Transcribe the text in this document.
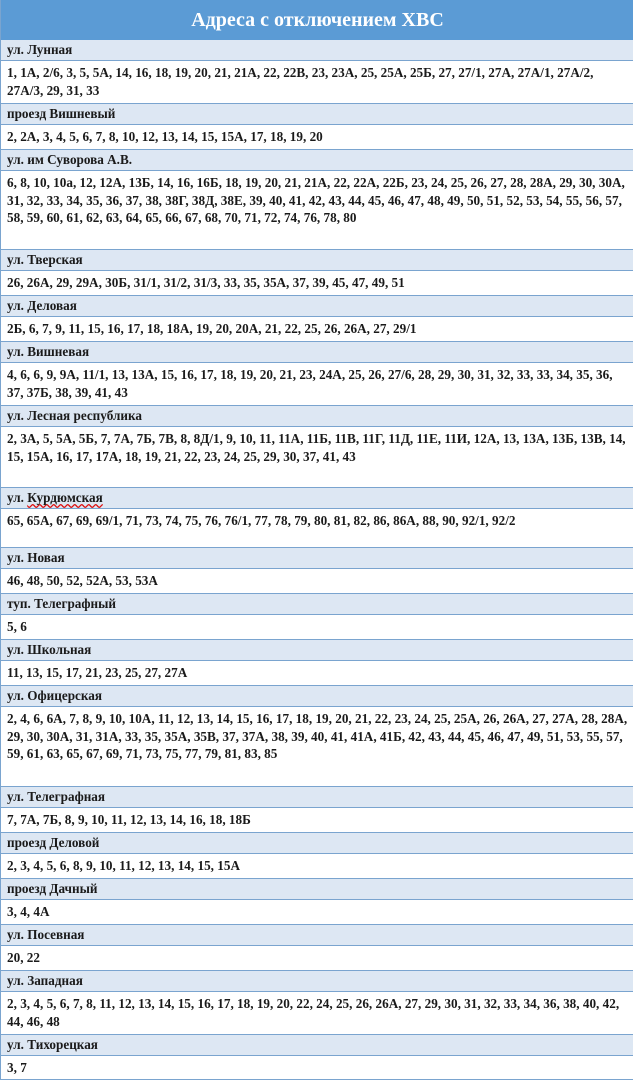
Адреса с отключением ХВС
ул. Лунная
1, 1А, 2/6, 3, 5, 5А, 14, 16, 18, 19, 20, 21, 21А, 22, 22В, 23, 23А, 25, 25А, 25Б, 27, 27/1, 27А, 27А/1, 27А/2, 27А/3, 29, 31, 33
проезд Вишневый
2, 2А, 3, 4, 5, 6, 7, 8, 10, 12, 13, 14, 15, 15А, 17, 18, 19, 20
ул. им Суворова А.В.
6, 8, 10, 10а, 12, 12А, 13Б, 14, 16, 16Б, 18, 19, 20, 21, 21А, 22, 22А, 22Б, 23, 24, 25, 26, 27, 28, 28А, 29, 30, 30А, 31, 32, 33, 34, 35, 36, 37, 38, 38Г, 38Д, 38Е, 39, 40, 41, 42, 43, 44, 45, 46, 47, 48, 49, 50, 51, 52, 53, 54, 55, 56, 57, 58, 59, 60, 61, 62, 63, 64, 65, 66, 67, 68, 70, 71, 72, 74, 76, 78, 80
ул. Тверская
26, 26А, 29, 29А, 30Б, 31/1, 31/2, 31/3, 33, 35, 35А, 37, 39, 45, 47, 49, 51
ул. Деловая
2Б, 6, 7, 9, 11, 15, 16, 17, 18, 18А, 19, 20, 20А, 21, 22, 25, 26, 26А, 27, 29/1
ул. Вишневая
4, 6, 6, 9, 9А, 11/1, 13, 13А, 15, 16, 17, 18, 19, 20, 21, 23, 24А, 25, 26, 27/6, 28, 29, 30, 31, 32, 33, 33, 34, 35, 36, 37, 37Б, 38, 39, 41, 43
ул. Лесная республика
2, 3А, 5, 5А, 5Б, 7, 7А, 7Б, 7В, 8, 8Д/1, 9, 10, 11, 11А, 11Б, 11В, 11Г, 11Д, 11Е, 11И, 12А, 13, 13А, 13Б, 13В, 14, 15, 15А, 16, 17, 17А, 18, 19, 21, 22, 23, 24, 25, 29, 30, 37, 41, 43
ул. Курдюмская
65, 65А, 67, 69, 69/1, 71, 73, 74, 75, 76, 76/1, 77, 78, 79, 80, 81, 82, 86, 86А, 88, 90, 92/1, 92/2
ул. Новая
46, 48, 50, 52, 52А, 53, 53А
туп. Телеграфный
5, 6
ул. Школьная
11, 13, 15, 17, 21, 23, 25, 27, 27А
ул. Офицерская
2, 4, 6, 6А, 7, 8, 9, 10, 10А, 11, 12, 13, 14, 15, 16, 17, 18, 19, 20, 21, 22, 23, 24, 25, 25А, 26, 26А, 27, 27А, 28, 28А, 29, 30, 30А, 31, 31А, 33, 35, 35А, 35В, 37, 37А, 38, 39, 40, 41, 41А, 41Б, 42, 43, 44, 45, 46, 47, 49, 51, 53, 55, 57, 59, 61, 63, 65, 67, 69, 71, 73, 75, 77, 79, 81, 83, 85
ул. Телеграфная
7, 7А, 7Б, 8, 9, 10, 11, 12, 13, 14, 16, 18, 18Б
проезд Деловой
2, 3, 4, 5, 6, 8, 9, 10, 11, 12, 13, 14, 15, 15А
проезд Дачный
3, 4, 4А
ул. Посевная
20, 22
ул. Западная
2, 3, 4, 5, 6, 7, 8, 11, 12, 13, 14, 15, 16, 17, 18, 19, 20, 22, 24, 25, 26, 26А, 27, 29, 30, 31, 32, 33, 34, 36, 38, 40, 42, 44, 46, 48
ул. Тихорецкая
3, 7
